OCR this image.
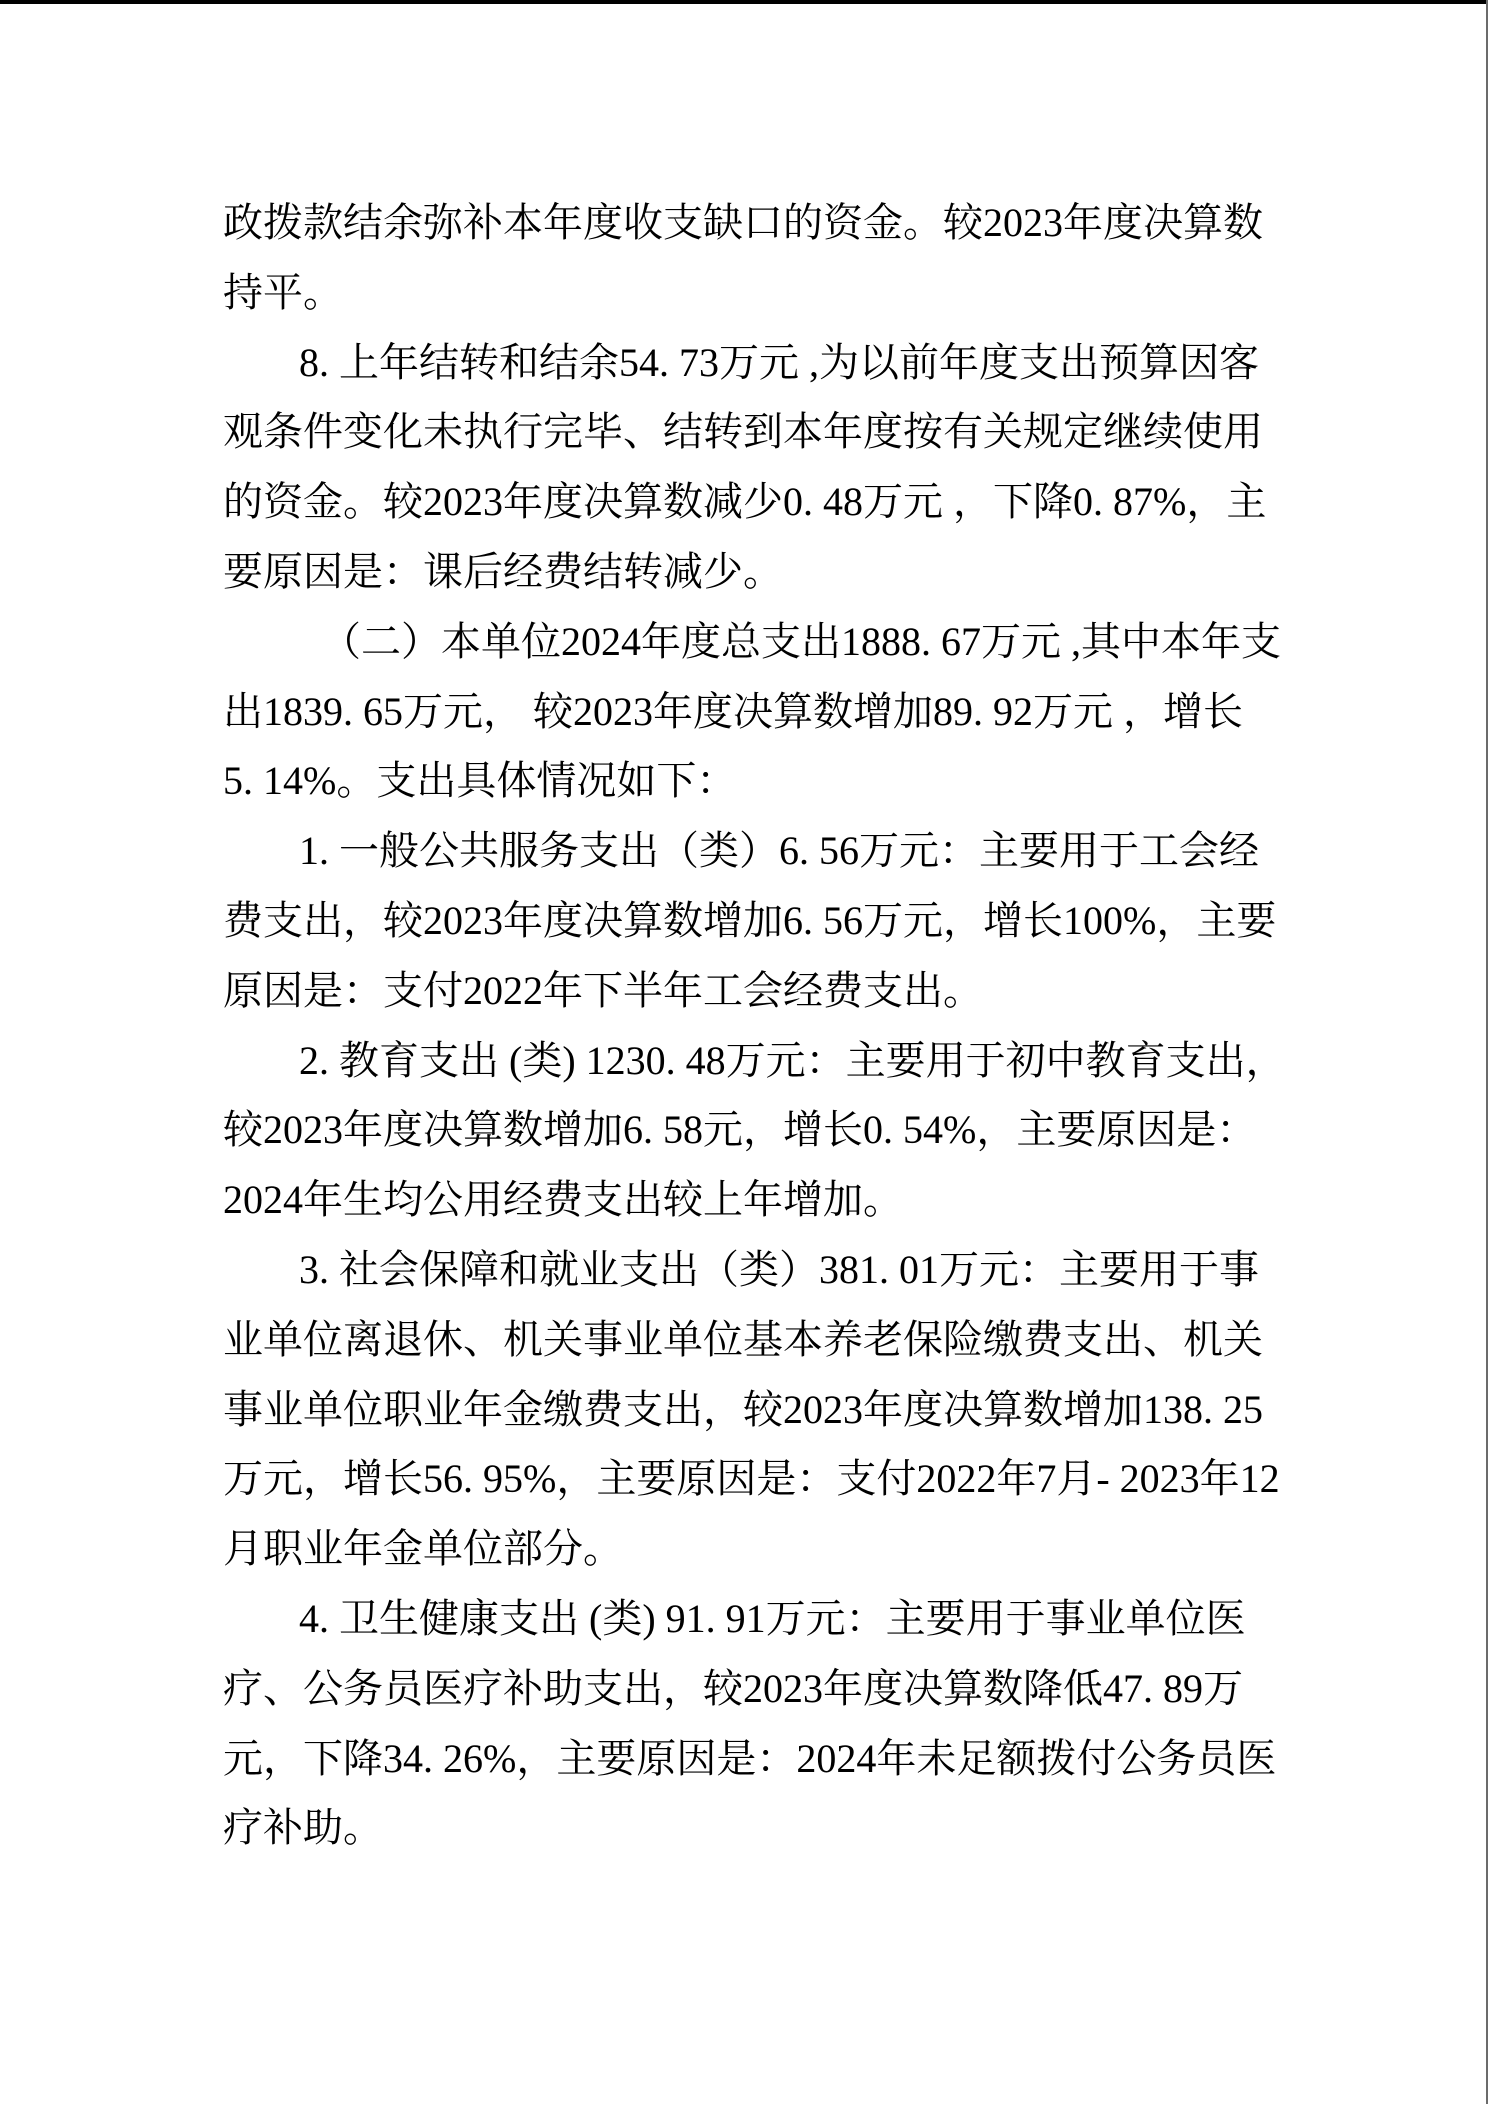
政拨款结余弥补本年度收支缺口的资金。较2023年度决算数
持平。
8. 上年结转和结余54. 73万元 ,为以前年度支出预算因客
观条件变化未执行完毕、结转到本年度按有关规定继续使用
的资金。较2023年度决算数减少0. 48万元 ，下降0. 87%，主
要原因是：课后经费结转减少。
（二）本单位2024年度总支出1888. 67万元 ,其中本年支
出1839. 65万元， 较2023年度决算数增加89. 92万元 ，增长
5. 14%。支出具体情况如下：
1. 一般公共服务支出（类）6. 56万元：主要用于工会经
费支出，较2023年度决算数增加6. 56万元，增长100%，主要
原因是：支付2022年下半年工会经费支出。
2. 教育支出 (类) 1230. 48万元：主要用于初中教育支出，
较2023年度决算数增加6. 58元，增长0. 54%，主要原因是：
2024年生均公用经费支出较上年增加。
3. 社会保障和就业支出（类）381. 01万元：主要用于事
业单位离退休、机关事业单位基本养老保险缴费支出、机关
事业单位职业年金缴费支出，较2023年度决算数增加138. 25
万元，增长56. 95%，主要原因是：支付2022年7月- 2023年12
月职业年金单位部分。
4. 卫生健康支出 (类) 91. 91万元：主要用于事业单位医
疗、公务员医疗补助支出，较2023年度决算数降低47. 89万
元，下降34. 26%，主要原因是：2024年未足额拨付公务员医
疗补助。
